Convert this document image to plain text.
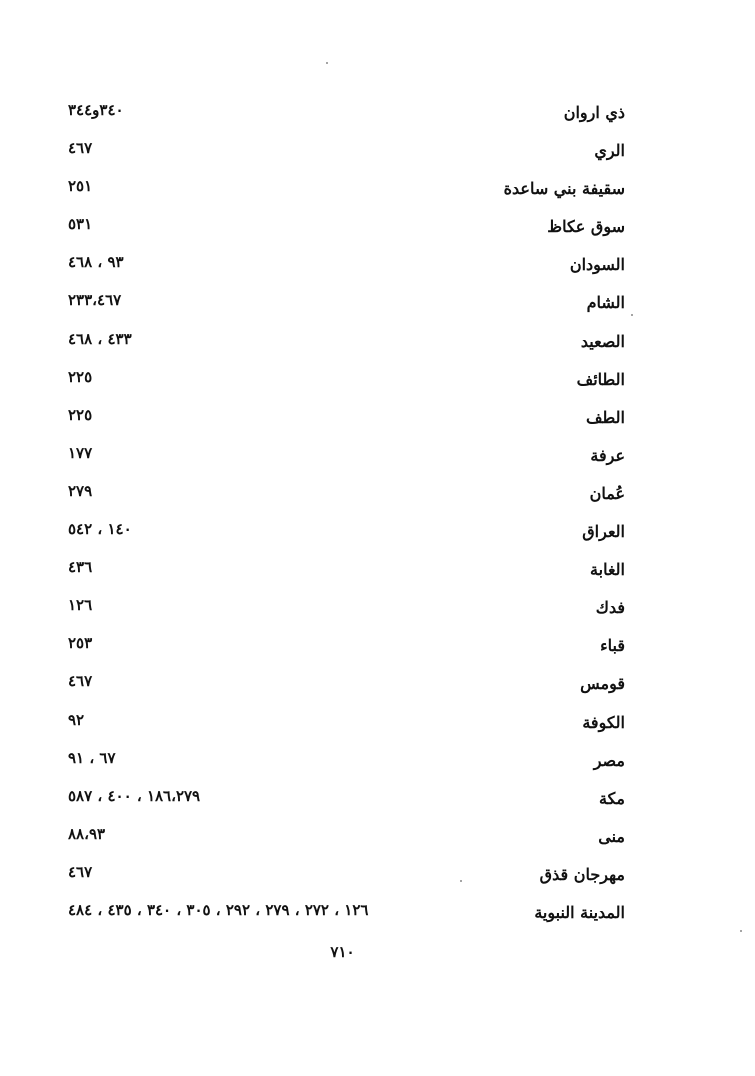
ذي اروان
٣٤٠و٣٤٤
الري
٤٦٧
سقيفة بني ساعدة
٢٥١
سوق عكاظ
٥٣١
السودان
٩٣ ، ٤٦٨
الشام
٢٣٣،٤٦٧
الصعيد
٤٣٣ ، ٤٦٨
الطائف
٢٢٥
الطف
٢٢٥
عرفة
١٧٧
عُمان
٢٧٩
العراق
١٤٠ ، ٥٤٢
الغابة
٤٣٦
فدك
١٢٦
قباء
٢٥٣
قومس
٤٦٧
الكوفة
٩٢
مصر
٦٧ ، ٩١
مكة
١٨٦،٢٧٩ ، ٤٠٠ ، ٥٨٧
منى
٨٨،٩٣
مهرجان قذق
٤٦٧
المدينة النبوية
١٢٦ ، ٢٧٢ ، ٢٧٩ ، ٢٩٢ ، ٣٠٥ ، ٣٤٠ ، ٤٣٥ ، ٤٨٤
٧١٠
